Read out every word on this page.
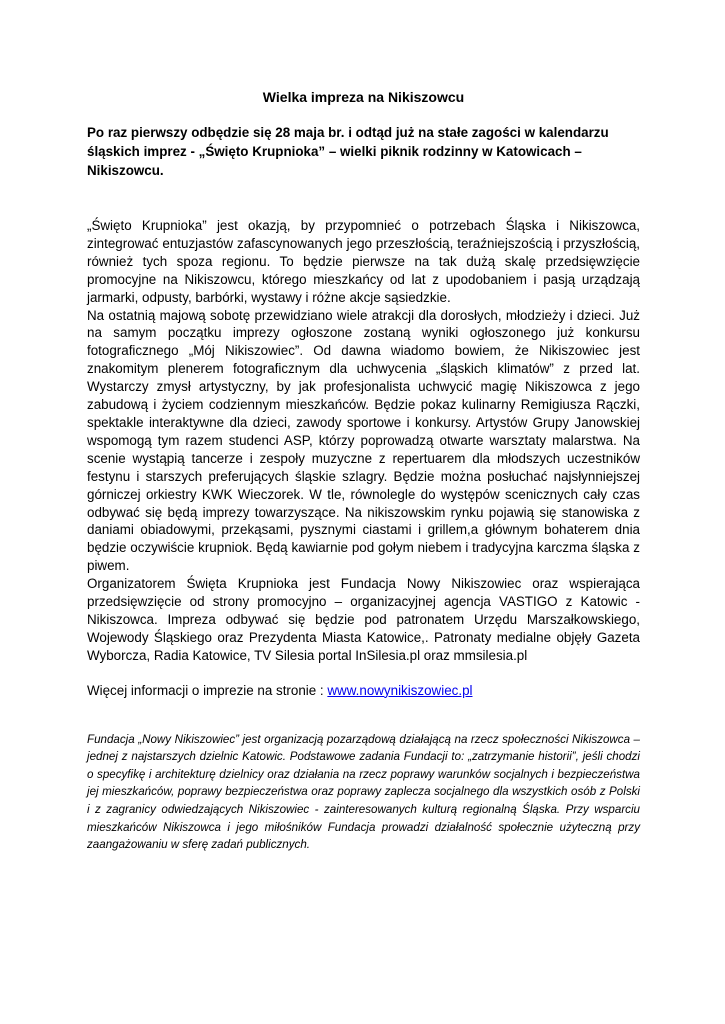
Wielka impreza na Nikiszowcu

Po raz pierwszy odbędzie się 28 maja br. i odtąd już na stałe zagości w kalendarzu śląskich imprez - „Święto Krupnioka” – wielki piknik rodzinny w Katowicach – Nikiszowcu.

„Święto Krupnioka” jest okazją, by przypomnieć o potrzebach Śląska i Nikiszowca, zintegrować entuzjastów zafascynowanych jego przeszłością, teraźniejszością i przyszłością, również tych spoza regionu. To będzie pierwsze na tak dużą skalę przedsięwzięcie promocyjne na Nikiszowcu, którego mieszkańcy od lat z upodobaniem i pasją urządzają jarmarki, odpusty, barbórki, wystawy i różne akcje sąsiedzkie.

Na ostatnią majową sobotę przewidziano wiele atrakcji dla dorosłych, młodzieży i dzieci. Już na samym początku imprezy ogłoszone zostaną wyniki ogłoszonego już konkursu fotograficznego „Mój Nikiszowiec”. Od dawna wiadomo bowiem, że Nikiszowiec jest znakomitym plenerem fotograficznym dla uchwycenia „śląskich klimatów” z przed lat. Wystarczy zmysł artystyczny, by jak profesjonalista uchwycić magię Nikiszowca z jego zabudową i życiem codziennym mieszkańców. Będzie pokaz kulinarny Remigiusza Rączki, spektakle interaktywne dla dzieci, zawody sportowe i konkursy. Artystów Grupy Janowskiej wspomogą tym razem studenci ASP, którzy poprowadzą otwarte warsztaty malarstwa. Na scenie wystąpią tancerze i zespoły muzyczne z repertuarem dla młodszych uczestników festynu i starszych preferujących śląskie szlagry. Będzie można posłuchać najsłynniejszej górniczej orkiestry KWK Wieczorek. W tle, równolegle do występów scenicznych cały czas odbywać się będą imprezy towarzyszące. Na nikiszowskim rynku pojawią się stanowiska z daniami obiadowymi, przekąsami, pysznymi ciastami i grillem,a głównym bohaterem dnia będzie oczywiście krupniok. Będą kawiarnie pod gołym niebem i tradycyjna karczma śląska z piwem.

Organizatorem Święta Krupnioka jest Fundacja Nowy Nikiszowiec oraz wspierająca przedsięwzięcie od strony promocyjno – organizacyjnej agencja VASTIGO z Katowic - Nikiszowca. Impreza odbywać się będzie pod patronatem Urzędu Marszałkowskiego, Wojewody Śląskiego oraz Prezydenta Miasta Katowice,. Patronaty medialne objęły Gazeta Wyborcza, Radia Katowice, TV Silesia portal InSilesia.pl oraz mmsilesia.pl

Więcej informacji o imprezie na stronie : www.nowynikiszowiec.pl

Fundacja „Nowy Nikiszowiec” jest organizacją pozarządową działającą na rzecz społeczności Nikiszowca – jednej z najstarszych dzielnic Katowic. Podstawowe zadania Fundacji to: „zatrzymanie historii”, jeśli chodzi o specyfikę i architekturę dzielnicy oraz działania na rzecz poprawy warunków socjalnych i bezpieczeństwa jej mieszkańców, poprawy bezpieczeństwa oraz poprawy zaplecza socjalnego dla wszystkich osób z Polski i z zagranicy odwiedzających Nikiszowiec - zainteresowanych kulturą regionalną Śląska. Przy wsparciu mieszkańców Nikiszowca i jego miłośników Fundacja prowadzi działalność społecznie użyteczną przy zaangażowaniu w sferę zadań publicznych.
